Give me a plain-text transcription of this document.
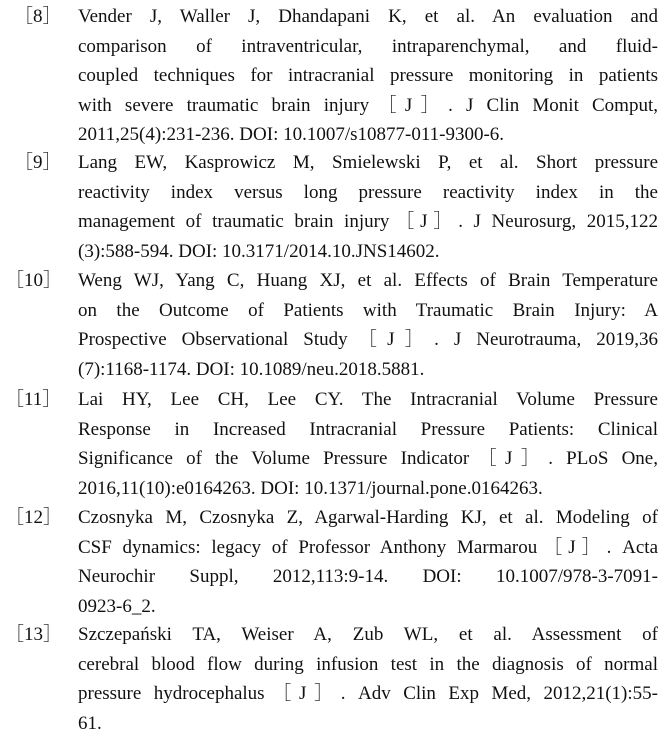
［8］ Vender J, Waller J, Dhandapani K, et al. An evaluation and
comparison of intraventricular, intraparenchymal, and fluid-
coupled techniques for intracranial pressure monitoring in patients
with severe traumatic brain injury［J］. J Clin Monit Comput,
2011,25(4):231-236. DOI: 10.1007/s10877-011-9300-6.
［9］ Lang EW, Kasprowicz M, Smielewski P, et al. Short pressure
reactivity index versus long pressure reactivity index in the
management of traumatic brain injury［J］. J Neurosurg, 2015,122
(3):588-594. DOI: 10.3171/2014.10.JNS14602.
［10］ Weng WJ, Yang C, Huang XJ, et al. Effects of Brain Temperature
on the Outcome of Patients with Traumatic Brain Injury: A
Prospective Observational Study［J］. J Neurotrauma, 2019,36
(7):1168-1174. DOI: 10.1089/neu.2018.5881.
［11］ Lai HY, Lee CH, Lee CY. The Intracranial Volume Pressure
Response in Increased Intracranial Pressure Patients: Clinical
Significance of the Volume Pressure Indicator［J］. PLoS One,
2016,11(10):e0164263. DOI: 10.1371/journal.pone.0164263.
［12］ Czosnyka M, Czosnyka Z, Agarwal-Harding KJ, et al. Modeling of
CSF dynamics: legacy of Professor Anthony Marmarou［J］. Acta
Neurochir Suppl, 2012,113:9-14. DOI: 10.1007/978-3-7091-
0923-6_2.
［13］ Szczepański TA, Weiser A, Zub WL, et al. Assessment of
cerebral blood flow during infusion test in the diagnosis of normal
pressure hydrocephalus［J］. Adv Clin Exp Med, 2012,21(1):55-
61.
